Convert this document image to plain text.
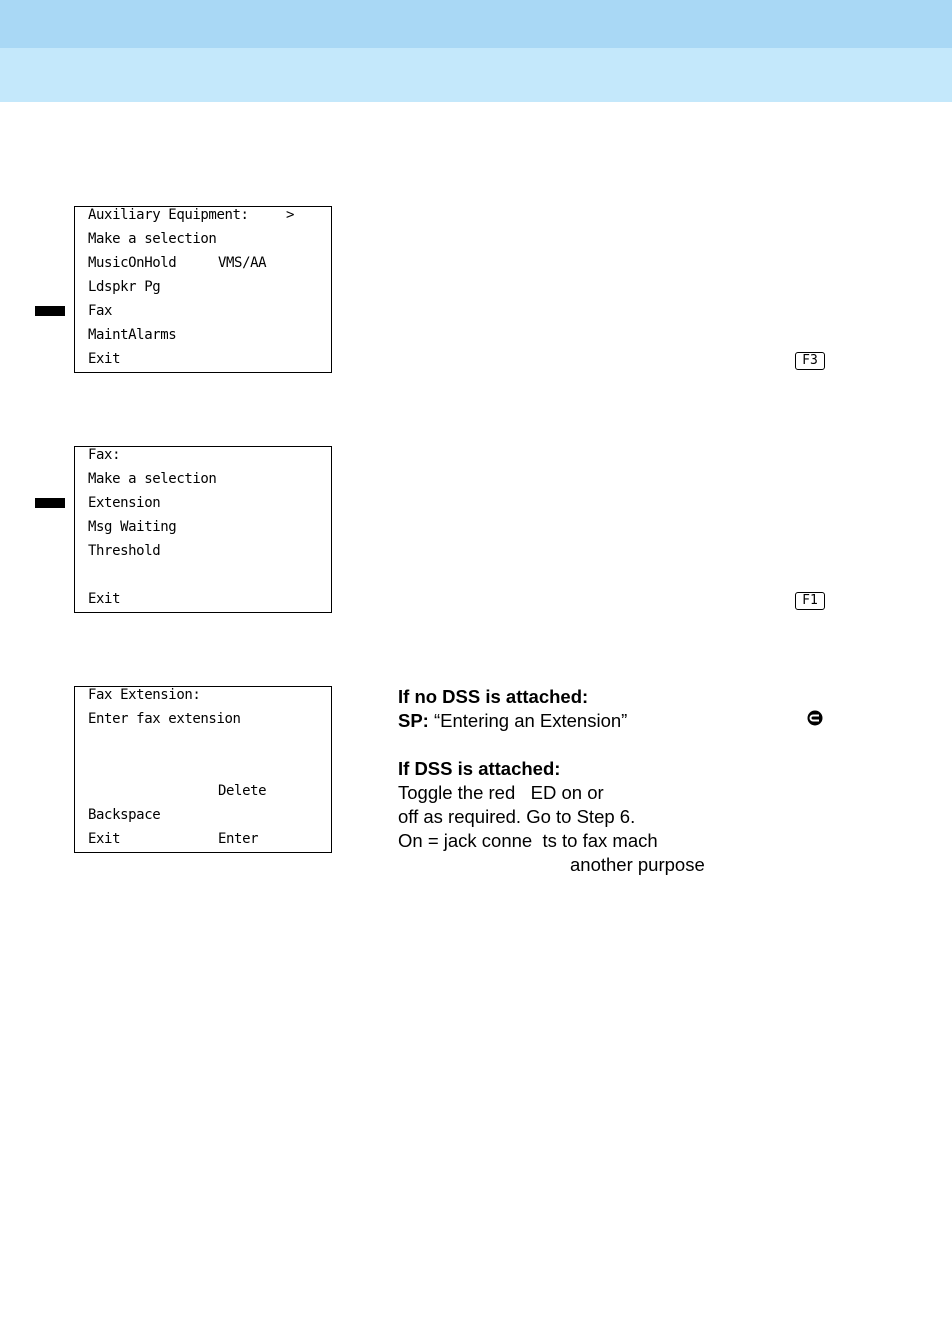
Auxiliary Equipment:	>
Make a selection
MusicOnHold	VMS/AA
Ldspkr Pg
Fax
MaintAlarms
Exit	F3
Fax:
Make a selection
Extension
Msg Waiting
Threshold
Exit	F1
Fax Extension:
Enter fax extension
Delete
Backspace
Exit	Enter
If no DSS is attached:
SP: “Entering an Extension”
If DSS is attached:
Toggle the red   ED on or
off as required. Go to Step 6.
On = jack conne  ts to fax mach
another purpose
